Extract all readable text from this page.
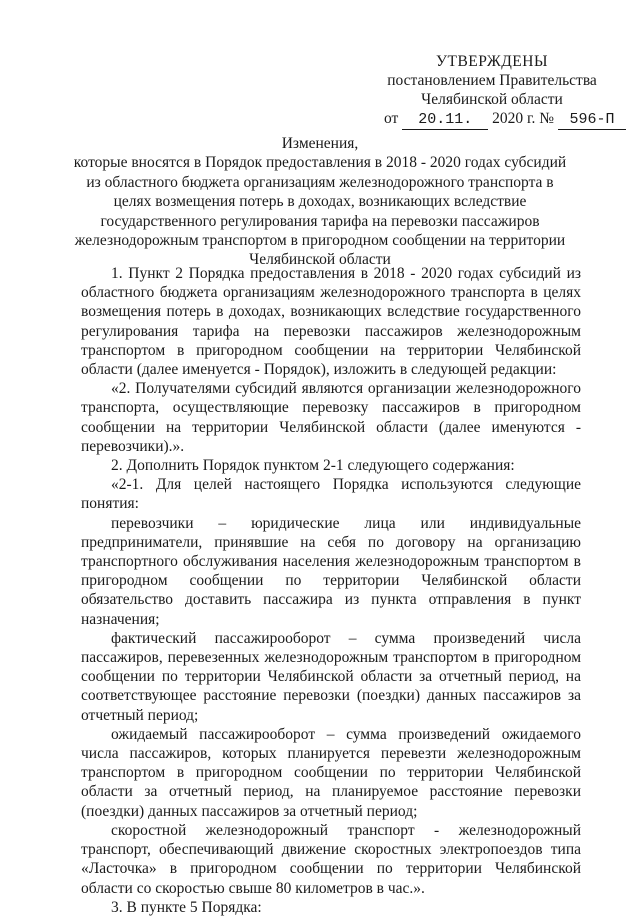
УТВЕРЖДЕНЫ
постановлением Правительства
Челябинской области
от 20.11. 2020 г. № 596-П
Изменения,
которые вносятся в Порядок предоставления в 2018 - 2020 годах субсидий из областного бюджета организациям железнодорожного транспорта в целях возмещения потерь в доходах, возникающих вследствие государственного регулирования тарифа на перевозки пассажиров железнодорожным транспортом в пригородном сообщении на территории Челябинской области

1. Пункт 2 Порядка предоставления в 2018 - 2020 годах субсидий из областного бюджета организациям железнодорожного транспорта в целях возмещения потерь в доходах, возникающих вследствие государственного регулирования тарифа на перевозки пассажиров железнодорожным транспортом в пригородном сообщении на территории Челябинской области (далее именуется - Порядок), изложить в следующей редакции:

«2. Получателями субсидий являются организации железнодорожного транспорта, осуществляющие перевозку пассажиров в пригородном сообщении на территории Челябинской области (далее именуются - перевозчики).».

2. Дополнить Порядок пунктом 2-1 следующего содержания:

«2-1. Для целей настоящего Порядка используются следующие понятия:

перевозчики – юридические лица или индивидуальные предприниматели, принявшие на себя по договору на организацию транспортного обслуживания населения железнодорожным транспортом в пригородном сообщении по территории Челябинской области обязательство доставить пассажира из пункта отправления в пункт назначения;

фактический пассажирооборот – сумма произведений числа пассажиров, перевезенных железнодорожным транспортом в пригородном сообщении по территории Челябинской области за отчетный период, на соответствующее расстояние перевозки (поездки) данных пассажиров за отчетный период;

ожидаемый пассажирооборот – сумма произведений ожидаемого числа пассажиров, которых планируется перевезти железнодорожным транспортом в пригородном сообщении по территории Челябинской области за отчетный период, на планируемое расстояние перевозки (поездки) данных пассажиров за отчетный период;

скоростной железнодорожный транспорт - железнодорожный транспорт, обеспечивающий движение скоростных электропоездов типа «Ласточка» в пригородном сообщении по территории Челябинской области со скоростью свыше 80 километров в час.».

3. В пункте 5 Порядка:
